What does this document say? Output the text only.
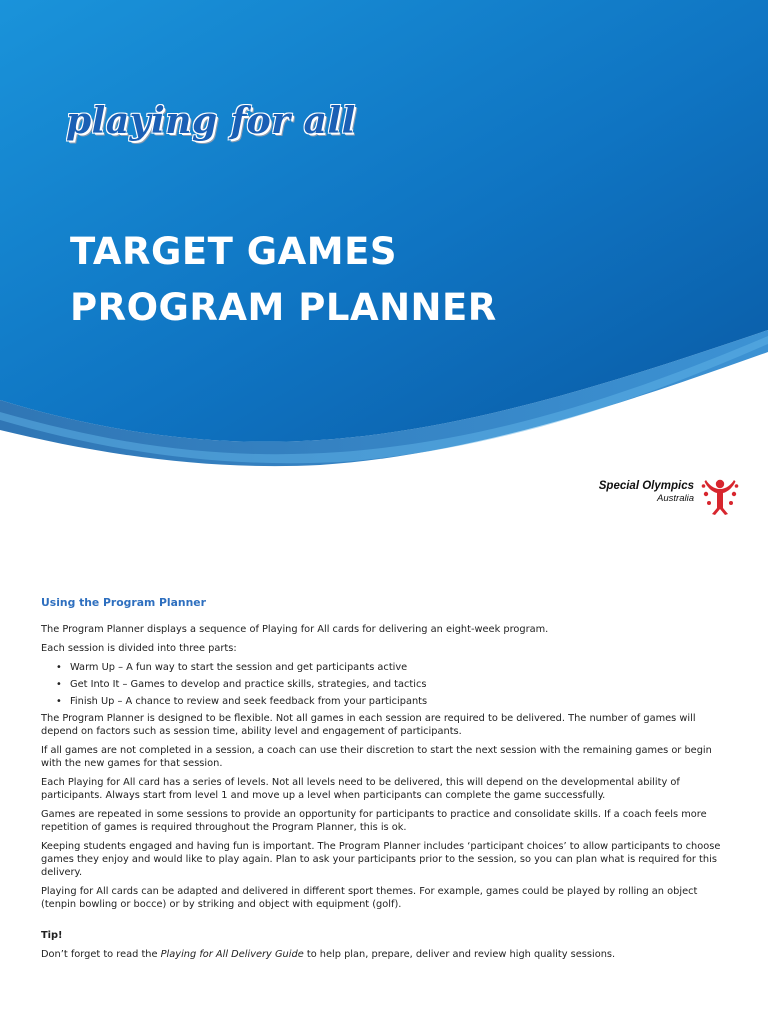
playing for all
TARGET GAMES
PROGRAM PLANNER
Special Olympics
Australia
Using the Program Planner

The Program Planner displays a sequence of Playing for All cards for delivering an eight-week program.

Each session is divided into three parts:

• Warm Up – A fun way to start the session and get participants active
• Get Into It – Games to develop and practice skills, strategies, and tactics
• Finish Up – A chance to review and seek feedback from your participants

The Program Planner is designed to be flexible. Not all games in each session are required to be delivered. The number of games will depend on factors such as session time, ability level and engagement of participants.

If all games are not completed in a session, a coach can use their discretion to start the next session with the remaining games or begin with the new games for that session.

Each Playing for All card has a series of levels. Not all levels need to be delivered, this will depend on the developmental ability of participants. Always start from level 1 and move up a level when participants can complete the game successfully.

Games are repeated in some sessions to provide an opportunity for participants to practice and consolidate skills. If a coach feels more repetition of games is required throughout the Program Planner, this is ok.

Keeping students engaged and having fun is important. The Program Planner includes ‘participant choices’ to allow participants to choose games they enjoy and would like to play again. Plan to ask your participants prior to the session, so you can plan what is required for this delivery.

Playing for All cards can be adapted and delivered in different sport themes. For example, games could be played by rolling an object (tenpin bowling or bocce) or by striking and object with equipment (golf).

Tip!

Don’t forget to read the Playing for All Delivery Guide to help plan, prepare, deliver and review high quality sessions.
